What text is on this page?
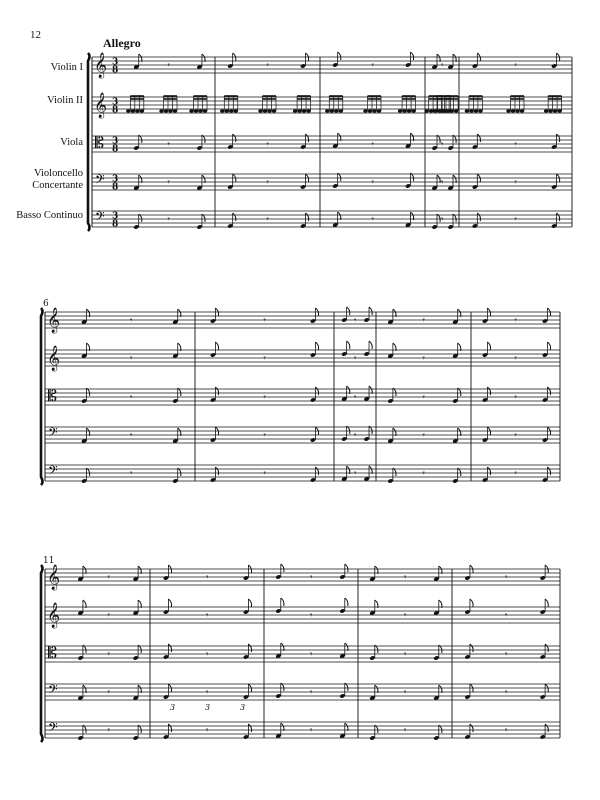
12
Allegro
Violin I
Violin II
Viola
Violoncello Concertante
Basso Continuo
𝄞 3
8
𝄞 3
8
𝄡 3
8
𝄢 3
8
𝄢 3
8
𝄾
𝄾
𝄾
𝄾
𝄾
𝄾
𝄾
𝄾
𝄾
𝄾
𝄾
𝄾
𝄾
𝄾
𝄾
𝄾
𝄾
𝄾
𝄾
𝄾
6
𝄞
𝄞
𝄡
𝄢
𝄢
𝄾
𝄾
𝄾
𝄾
𝄾
𝄾
𝄾
𝄾
𝄾
𝄾
𝄾
𝄾
𝄾
𝄾
𝄾
𝄾
𝄾
𝄾
𝄾
𝄾
𝄾
𝄾
𝄾
𝄾
𝄾
11
𝄞
𝄞
𝄡
𝄢
𝄢
𝄾
𝄾
𝄾
𝄾
𝄾
𝄾
𝄾
𝄾
𝄾
𝄾
𝄾
𝄾
𝄾
𝄾
𝄾
𝄾
𝄾
𝄾
𝄾
𝄾
𝄾
𝄾
𝄾
𝄾
𝄾
3	3	3
